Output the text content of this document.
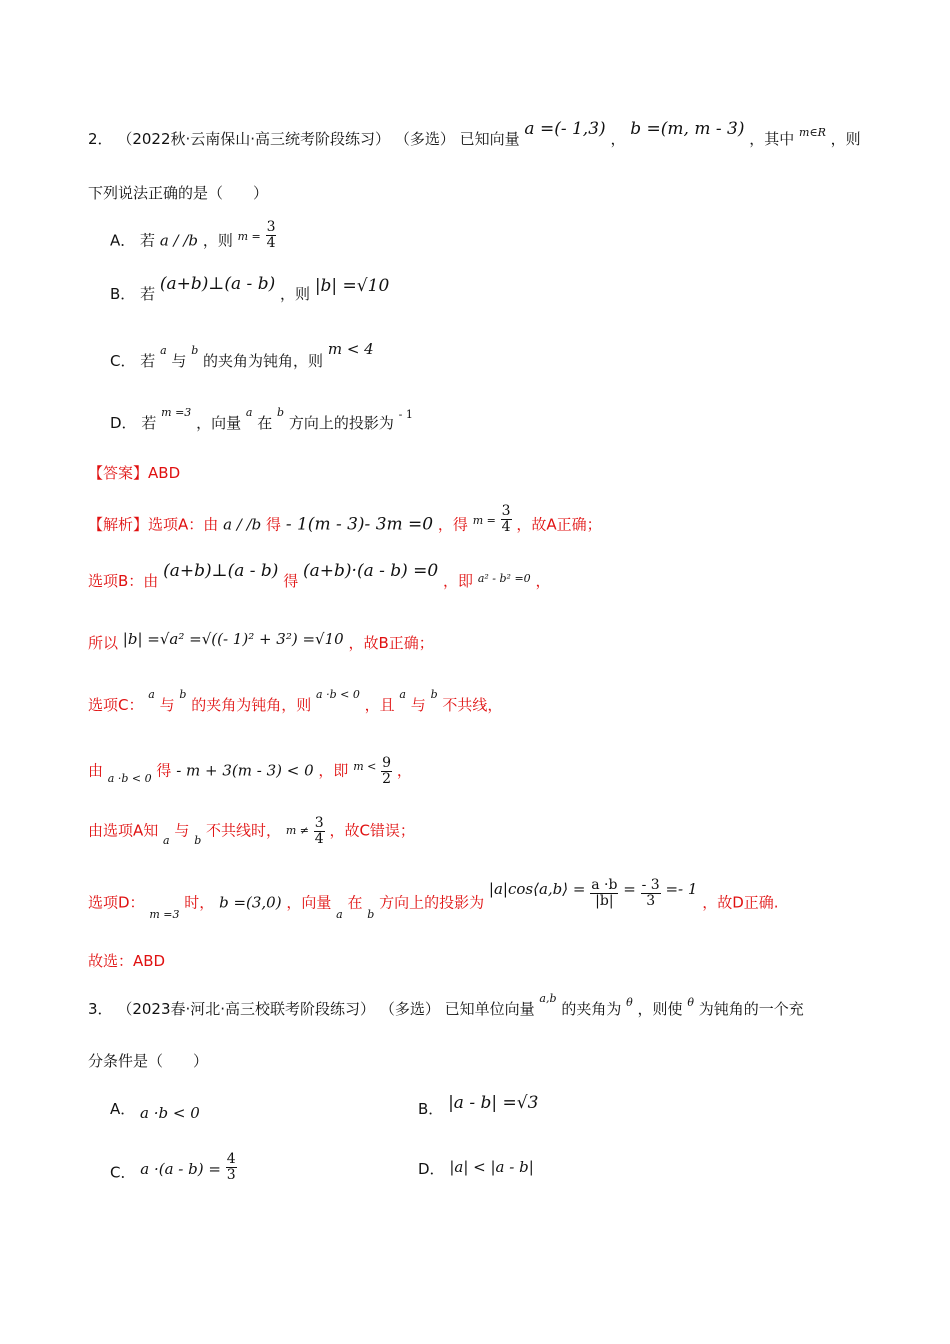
2． （2022秋·云南保山·高三统考阶段练习） （多选） 已知向量 a =(- 1,3) ， b =(m, m - 3) ，其中 $^{m\in R}$ ，则
下列说法正确的是（　　）
A． 若 a / /b ，则 $^{m =} \frac{3}{4}$
B． 若 (a+b)⊥(a - b) ，则 |b| =√10
C． 若 $^a$ 与 $^b$ 的夹角为钝角，则 m < 4
D． 若 $^{m =3}$ ，向量 $^a$ 在 $^b$ 方向上的投影为 $^{- 1}$
【答案】ABD
【解析】选项A：由 a / /b 得 - 1(m - 3)- 3m =0 ，得 $^{m =} \frac{3}{4}$ ，故A正确；
选项B：由 (a+b)⊥(a - b) 得 (a+b)·(a - b) =0 ，即 $^{a^2 - b^2 =0}$ ，
所以 |b| =√a² =√((- 1)² + 3²) =√10 ，故B正确；
选项C： $^a$ 与 $^b$ 的夹角为钝角，则 $^{a \cdot b < 0}$ ，且 $^a$ 与 $^b$ 不共线，
由 $_{a \cdot b < 0}$ 得 - m + 3(m - 3) < 0 ，即 $^{m <} \frac{9}{2}$ ，
由选项A知 $_a$ 与 $_b$ 不共线时， $m \ne \frac{3}{4}$ ，故C错误；
选项D： $_{m =3}$ 时， b =(3,0) ，向量 $_a$ 在 $_b$ 方向上的投影为 |a|cos⟨a,b⟩ = $\frac{a \cdot b}{|b|} = \frac{- 3}{3} =- 1$ ，故D正确.
故选：ABD
3． （2023春·河北·高三校联考阶段练习） （多选） 已知单位向量 $^{a,b}$ 的夹角为 $^\theta$ ，则使 $^\theta$ 为钝角的一个充
分条件是（　　）
A． a ·b < 0	B． |a - b| =√3
C． $a \cdot(a - b) = \frac{4}{3}$	D． |a| < |a - b|
